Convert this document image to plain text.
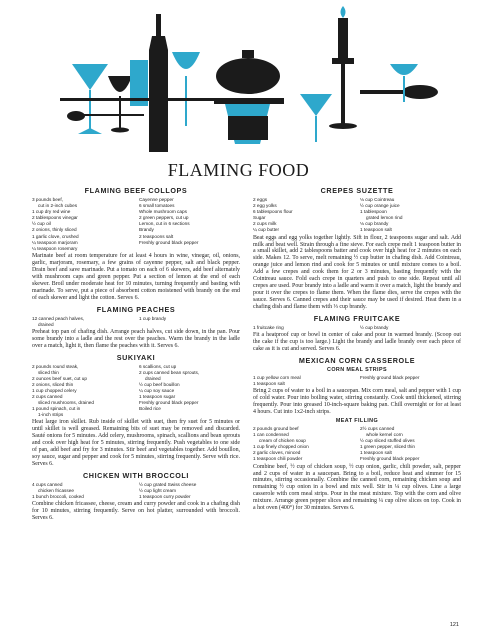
FLAMING FOOD
FLAMING BEEF COLLOPS
3 pounds beef,	Cayenne pepper
cut in 2-inch cubes	6 small tomatoes
1 cup dry red wine	Whole mushroom caps
2 tablespoons vinegar	2 green peppers, cut up
½ cup oil	Lemon, cut in 6 sections
2 onions, thinly sliced	Brandy
1 garlic clove, crushed	2 teaspoons salt
¼ teaspoon marjoram	Freshly ground black pepper
¼ teaspoon rosemary

Marinate beef at room temperature for at least 4 hours in wine, vinegar, oil, onions, garlic, marjoram, rosemary, a few grains of cayenne pepper, salt and black pepper. Drain beef and save marinade. Put a tomato on each of 6 skewers, add beef alternately with mushroom caps and green pepper. Put a section of lemon at the end of each skewer. Broil under moderate heat for 10 minutes, turning frequently and basting with marinade. To serve, put a piece of absorbent cotton moistened with brandy on the end of each skewer and light the cotton. Serves 6.

FLAMING PEACHES
12 canned peach halves,	1 cup brandy
drained

Preheat top pan of chafing dish. Arrange peach halves, cut side down, in the pan. Pour some brandy into a ladle and the rest over the peaches. Warm the brandy in the ladle over a match, light it, then flame the peaches with it. Serves 6.

SUKIYAKI
2 pounds round steak,	6 scallions, cut up
sliced thin	2 cups canned bean sprouts,
2 ounces beef suet, cut up	drained
2 onions, sliced thin	½ cup beef bouillon
1 cup chopped celery	¼ cup soy sauce
2 cups canned	1 teaspoon sugar
sliced mushrooms, drained	Freshly ground black pepper
1 pound spinach, cut in	Boiled rice
1-inch strips

Heat large iron skillet. Rub inside of skillet with suet, then fry suet for 5 minutes or until skillet is well greased. Remaining bits of suet may be removed and discarded. Sauté onions for 5 minutes. Add celery, mushrooms, spinach, scallions and bean sprouts and cook over high heat for 5 minutes, stirring frequently. Push vegetables to one side of pan, add beef and fry for 3 minutes. Stir beef and vegetables together. Add bouillon, soy sauce, sugar and pepper and cook for 5 minutes, stirring frequently. Serve with rice. Serves 6.

CHICKEN WITH BROCCOLI
4 cups canned	½ cup grated Swiss cheese
chicken fricassee	½ cup light cream
1 bunch broccoli, cooked	1 teaspoon curry powder

Combine chicken fricassee, cheese, cream and curry powder and cook in a chafing dish for 10 minutes, stirring frequently. Serve on hot platter, surrounded with broccoli. Serves 6.

CREPES SUZETTE
2 eggs	⅛ cup Cointreau
2 egg yolks	½ cup orange juice
6 tablespoons flour	1 tablespoon
Sugar	grated lemon rind
2 cups milk	⅛ cup brandy
¼ cup butter	1 teaspoon salt

Beat eggs and egg yolks together lightly. Sift in flour, 2 teaspoons sugar and salt. Add milk and beat well. Strain through a fine sieve. For each crepe melt 1 teaspoon butter in a small skillet, add 2 tablespoons batter and cook over high heat for 2 minutes on each side. Makes 12. To serve, melt remaining ½ cup butter in chafing dish. Add Cointreau, orange juice and lemon rind and cook for 5 minutes or until mixture comes to a boil. Add a few crepes and cook them for 2 or 3 minutes, basting frequently with the Cointreau sauce. Fold each crepe in quarters and push to one side. Repeat until all crepes are used. Pour brandy into a ladle and warm it over a match, light the brandy and pour it over the crepes to flame them. When the flame dies, serve the crepes with the sauce. Serves 6. Canned crepes and their sauce may be used if desired. Heat them in a chafing dish and flame them with ⅓ cup brandy.

FLAMING FRUITCAKE
1 fruitcake ring	½ cup brandy

Fit a heatproof cup or bowl in center of cake and pour in warmed brandy. (Scoop out the cake if the cup is too large.) Light the brandy and ladle brandy over each piece of cake as it is cut and served. Serves 6.

MEXICAN CORN CASSEROLE
CORN MEAL STRIPS
1 cup yellow corn meal	Freshly ground black pepper
1 teaspoon salt

Bring 2 cups of water to a boil in a saucepan. Mix corn meal, salt and pepper with 1 cup of cold water. Pour into boiling water, stirring constantly. Cook until thickened, stirring frequently. Pour into greased 10-inch-square baking pan. Chill overnight or for at least 4 hours. Cut into 1x2-inch strips.

MEAT FILLING
2 pounds ground beef	2½ cups canned
1 can condensed	whole kernel corn
cream of chicken soup	½ cup sliced stuffed olives
1 cup finely chopped onion	1 green pepper, sliced thin
2 garlic cloves, minced	1 teaspoon salt
1 teaspoon chili powder	Freshly ground black pepper

Combine beef, ½ cup of chicken soup, ½ cup onion, garlic, chili powder, salt, pepper and 2 cups of water in a saucepan. Bring to a boil, reduce heat and simmer for 15 minutes, stirring occasionally. Combine the canned corn, remaining chicken soup and remaining ½ cup onion in a bowl and mix well. Stir in ¼ cup olives. Line a large casserole with corn meal strips. Pour in the meat mixture. Top with the corn and olive mixture. Arrange green pepper slices and remaining ¼ cup olive slices on top. Cook in a hot oven (400°) for 30 minutes. Serves 6.

121
